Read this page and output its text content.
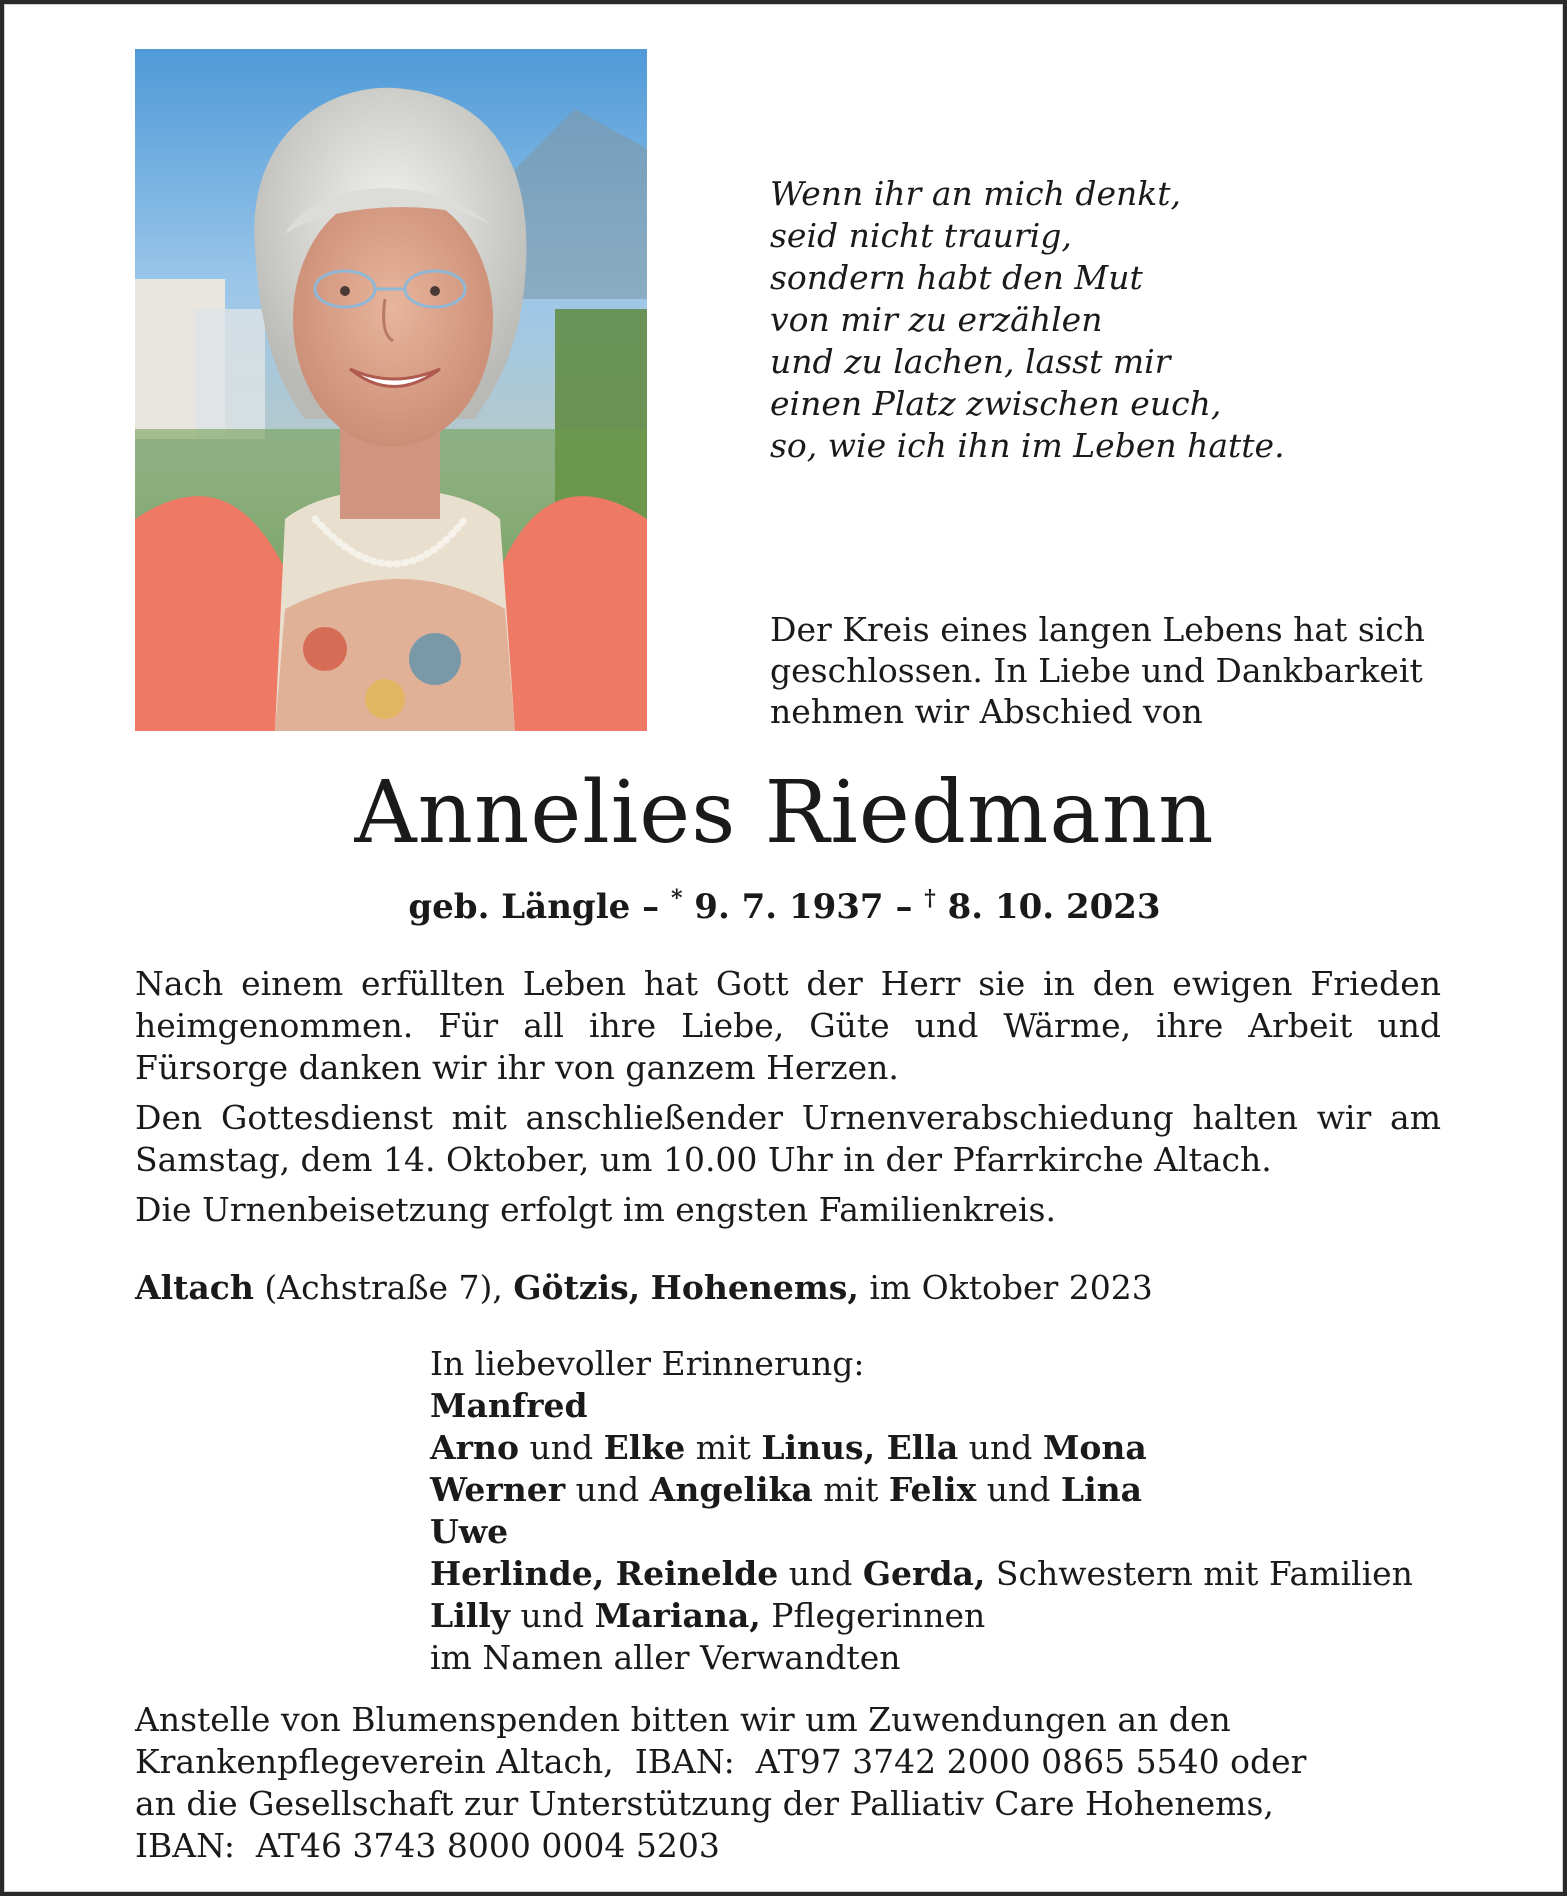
Wenn ihr an mich denkt,
seid nicht traurig,
sondern habt den Mut
von mir zu erzählen
und zu lachen, lasst mir
einen Platz zwischen euch,
so, wie ich ihn im Leben hatte.
Der Kreis eines langen Lebens hat sich
geschlossen. In Liebe und Dankbarkeit
nehmen wir Abschied von
Annelies Riedmann
geb. Längle – * 9. 7. 1937 – † 8. 10. 2023

Nach einem erfüllten Leben hat Gott der Herr sie in den ewigen Frieden heimgenommen. Für all ihre Liebe, Güte und Wärme, ihre Arbeit und Fürsorge danken wir ihr von ganzem Herzen.

Den Gottesdienst mit anschließender Urnenverabschiedung halten wir am Samstag, dem 14. Oktober, um 10.00 Uhr in der Pfarrkirche Altach.

Die Urnenbeisetzung erfolgt im engsten Familienkreis.

Altach (Achstraße 7), Götzis, Hohenems, im Oktober 2023
In liebevoller Erinnerung:
Manfred
Arno und Elke mit Linus, Ella und Mona
Werner und Angelika mit Felix und Lina
Uwe
Herlinde, Reinelde und Gerda, Schwestern mit Familien
Lilly und Mariana, Pflegerinnen
im Namen aller Verwandten
Anstelle von Blumenspenden bitten wir um Zuwendungen an den
Krankenpflegeverein Altach,  IBAN:  AT97 3742 2000 0865 5540 oder
an die Gesellschaft zur Unterstützung der Palliativ Care Hohenems,
IBAN:  AT46 3743 8000 0004 5203
